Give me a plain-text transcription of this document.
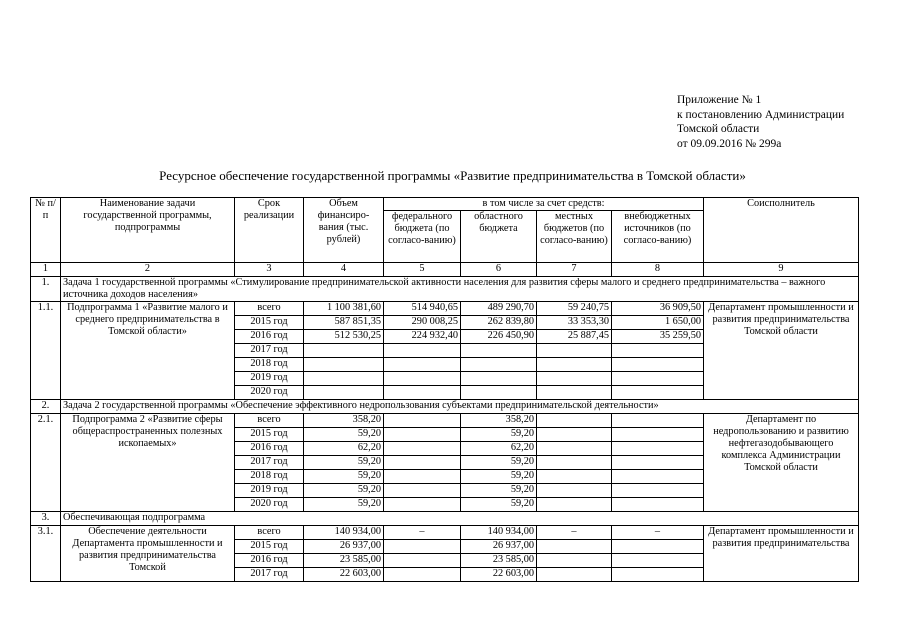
Приложение № 1
к постановлению Администрации
Томской области
от 09.09.2016 № 299а
Ресурсное обеспечение государственной программы «Развитие предпринимательства в Томской области»
№ п/п	Наименование задачи государственной программы, подпрограммы	Срок реализации	Объем финансиро-вания (тыс. рублей)	в том числе за счет средств:				Соисполнитель
				федерального бюджета (по согласо-ванию)	областного бюджета	местных бюджетов (по согласо-ванию)	внебюджетных источников (по согласо-ванию)	
1	2	3	4	5	6	7	8	9
1.	Задача 1 государственной программы «Стимулирование предпринимательской активности населения для развития сферы малого и среднего предпринимательства – важного источника доходов населения»							
1.1.	Подпрограмма 1 «Развитие малого и среднего предпринимательства в Томской области»	всего	1 100 381,60	514 940,65	489 290,70	59 240,75	36 909,50	Департамент промышленности и развития предпринимательства Томской области
		2015 год	587 851,35	290 008,25	262 839,80	33 353,30	1 650,00	
		2016 год	512 530,25	224 932,40	226 450,90	25 887,45	35 259,50	
		2017 год						
		2018 год						
		2019 год						
		2020 год						
2.	Задача 2 государственной программы «Обеспечение эффективного недропользования субъектами предпринимательской деятельности»							
2.1.	Подпрограмма 2 «Развитие сферы общераспространенных полезных ископаемых»	всего	358,20		358,20			Департамент по недропользованию и развитию нефтегазодобывающего комплекса Администрации Томской области
		2015 год	59,20		59,20			
		2016 год	62,20		62,20			
		2017 год	59,20		59,20			
		2018 год	59,20		59,20			
		2019 год	59,20		59,20			
		2020 год	59,20		59,20			
3.	Обеспечивающая подпрограмма							
3.1.	Обеспечение деятельности Департамента промышленности и развития предпринимательства Томской	всего	140 934,00	–	140 934,00	–	–	Департамент промышленности и развития предпринимательства
		2015 год	26 937,00		26 937,00			
		2016 год	23 585,00		23 585,00			
		2017 год	22 603,00		22 603,00			
